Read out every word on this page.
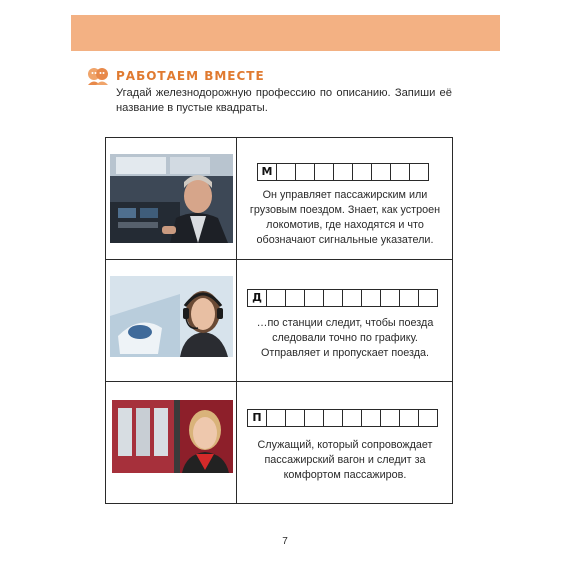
РАБОТАЕМ ВМЕСТЕ
Угадай железнодорожную профессию по описанию. Запиши её название в пустые квадраты.
М
Он управляет пассажирским или грузовым поездом. Знает, как устроен локомотив, где находятся и что обозначают сигнальные указатели.
Д
…по станции следит, чтобы поезда следовали точно по графику. Отправляет и пропускает поезда.
П
Служащий, который сопровождает пассажирский вагон и следит за комфортом пассажиров.
7
